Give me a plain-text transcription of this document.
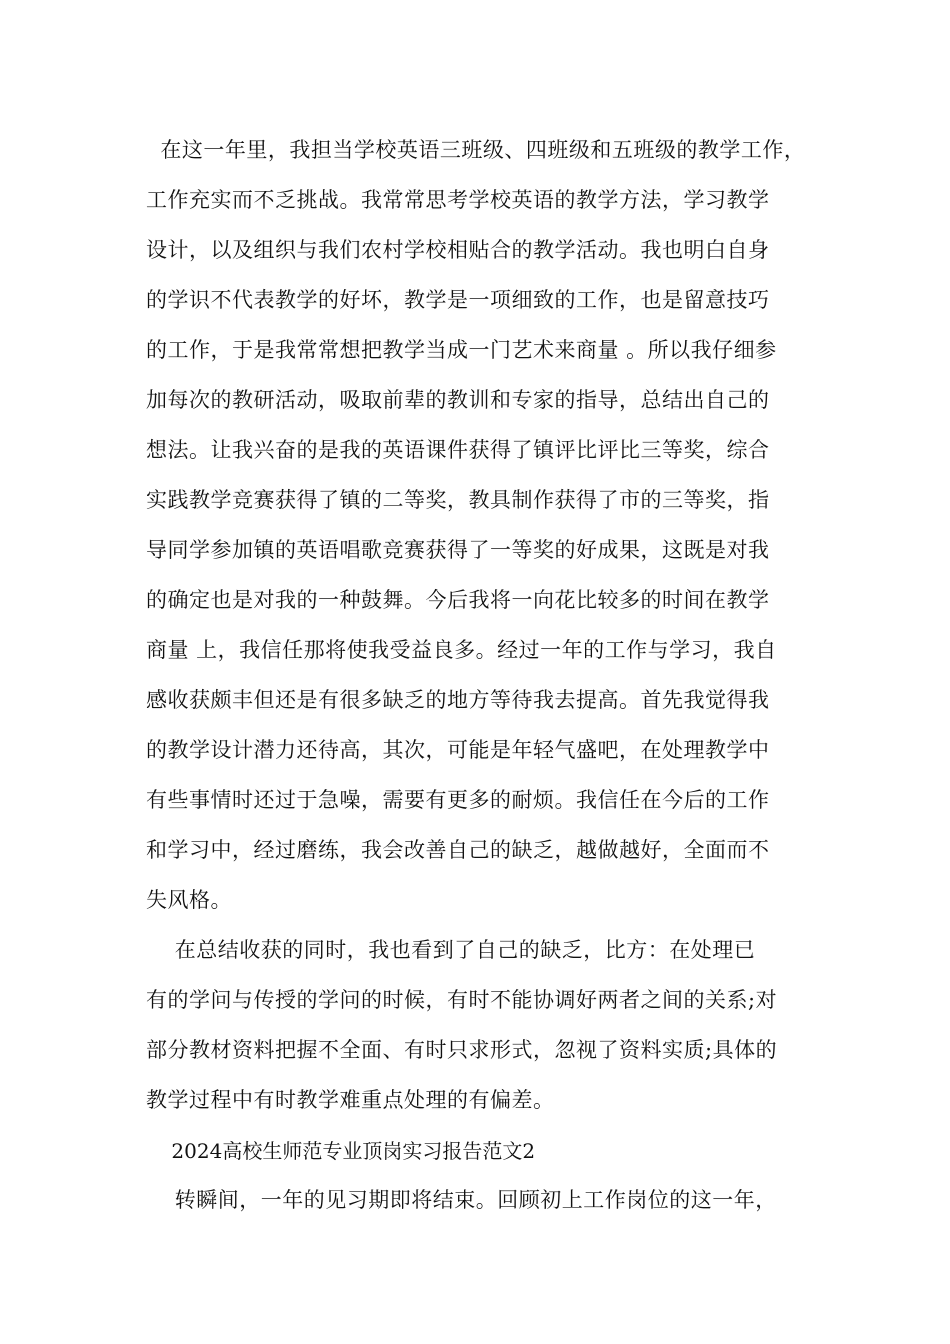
在这一年里，我担当学校英语三班级、四班级和五班级的教学工作，

工作充实而不乏挑战。我常常思考学校英语的教学方法，学习教学

设计，以及组织与我们农村学校相贴合的教学活动。我也明白自身

的学识不代表教学的好坏，教学是一项细致的工作，也是留意技巧

的工作，于是我常常想把教学当成一门艺术来商量 。所以我仔细参

加每次的教研活动，吸取前辈的教训和专家的指导，总结出自己的

想法。让我兴奋的是我的英语课件获得了镇评比评比三等奖，综合

实践教学竞赛获得了镇的二等奖，教具制作获得了市的三等奖，指

导同学参加镇的英语唱歌竞赛获得了一等奖的好成果，这既是对我

的确定也是对我的一种鼓舞。今后我将一向花比较多的时间在教学

商量 上，我信任那将使我受益良多。经过一年的工作与学习，我自

感收获颇丰但还是有很多缺乏的地方等待我去提高。首先我觉得我

的教学设计潜力还待高，其次，可能是年轻气盛吧，在处理教学中

有些事情时还过于急噪，需要有更多的耐烦。我信任在今后的工作

和学习中，经过磨练，我会改善自己的缺乏，越做越好，全面而不

失风格。

在总结收获的同时，我也看到了自己的缺乏，比方：在处理已

有的学问与传授的学问的时候，有时不能协调好两者之间的关系;对

部分教材资料把握不全面、有时只求形式，忽视了资料实质;具体的

教学过程中有时教学难重点处理的有偏差。

2024高校生师范专业顶岗实习报告范文2

转瞬间，一年的见习期即将结束。回顾初上工作岗位的这一年，
